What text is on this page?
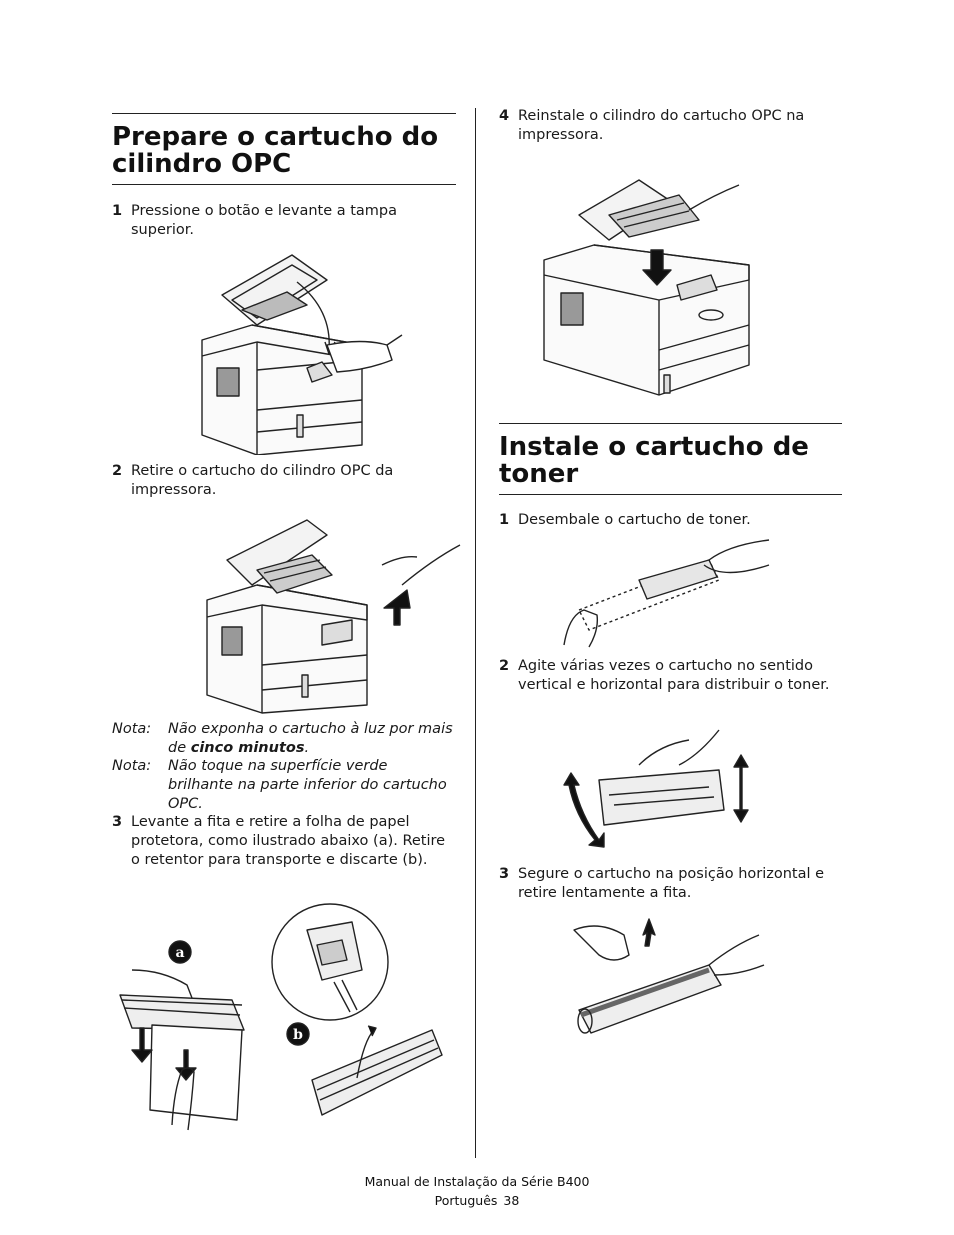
Prepare o cartucho do
cilindro OPC
1 Pressione o botão e levante a tampa superior.
2 Retire o cartucho do cilindro OPC da impressora.
Nota: Não exponha o cartucho à luz por mais de cinco minutos.
Nota: Não toque na superfície verde brilhante na parte inferior do cartucho OPC.
3 Levante a fita e retire a folha de papel protetora, como ilustrado abaixo (a). Retire o retentor para transporte e discarte (b).
a
b
4 Reinstale o cilindro do cartucho OPC na impressora.
Instale o cartucho de
toner
1 Desembale o cartucho de toner.
2 Agite várias vezes o cartucho no sentido vertical e horizontal para distribuir o toner.
3 Segure o cartucho na posição horizontal e retire lentamente a fita.
Manual de Instalação da Série B400
Português 38
